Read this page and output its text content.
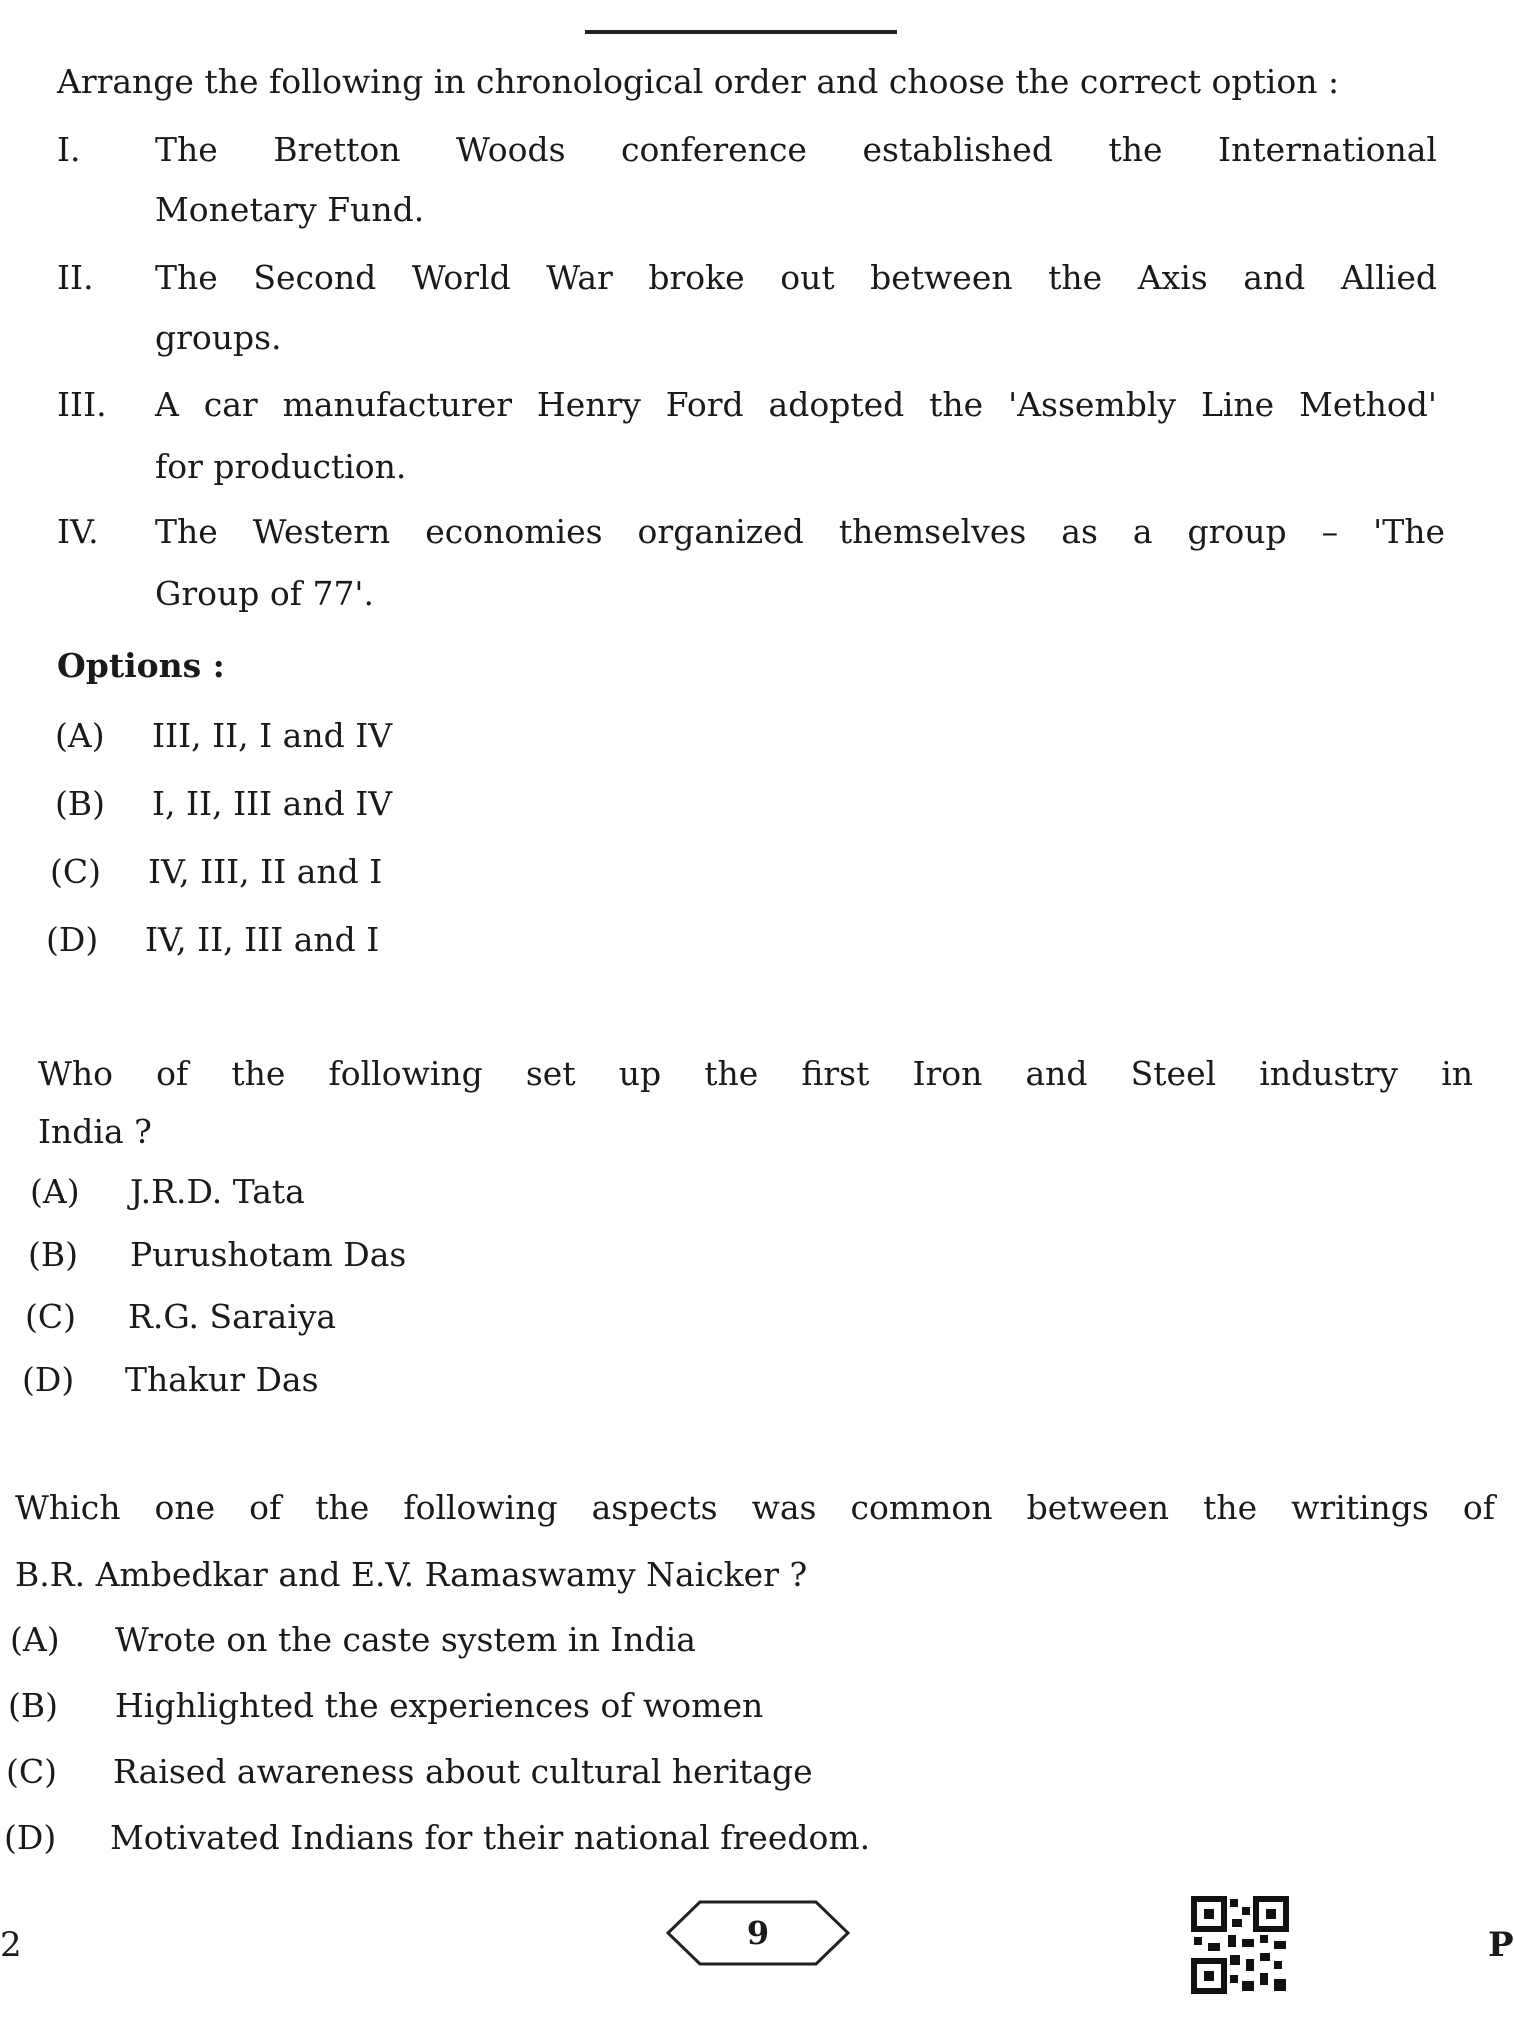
Arrange the following in chronological order and choose the correct option :
I.	The Bretton Woods conference established the International
Monetary Fund.
II.	The Second World War broke out between the Axis and Allied
groups.
III.	A car manufacturer Henry Ford adopted the 'Assembly Line Method'
for production.
IV.	The Western economies organized themselves as a group – 'The
Group of 77'.
Options :
(A)	III, II, I and IV
(B)	I, II, III and IV
(C)	IV, III, II and I
(D)	IV, II, III and I
Who of the following set up the first Iron and Steel industry in
India ?
(A)	J.R.D. Tata
(B)	Purushotam Das
(C)	R.G. Saraiya
(D)	Thakur Das
Which one of the following aspects was common between the writings of
B.R. Ambedkar and E.V. Ramaswamy Naicker ?
(A)	Wrote on the caste system in India
(B)	Highlighted the experiences of women
(C)	Raised awareness about cultural heritage
(D)	Motivated Indians for their national freedom.
2	9	P
